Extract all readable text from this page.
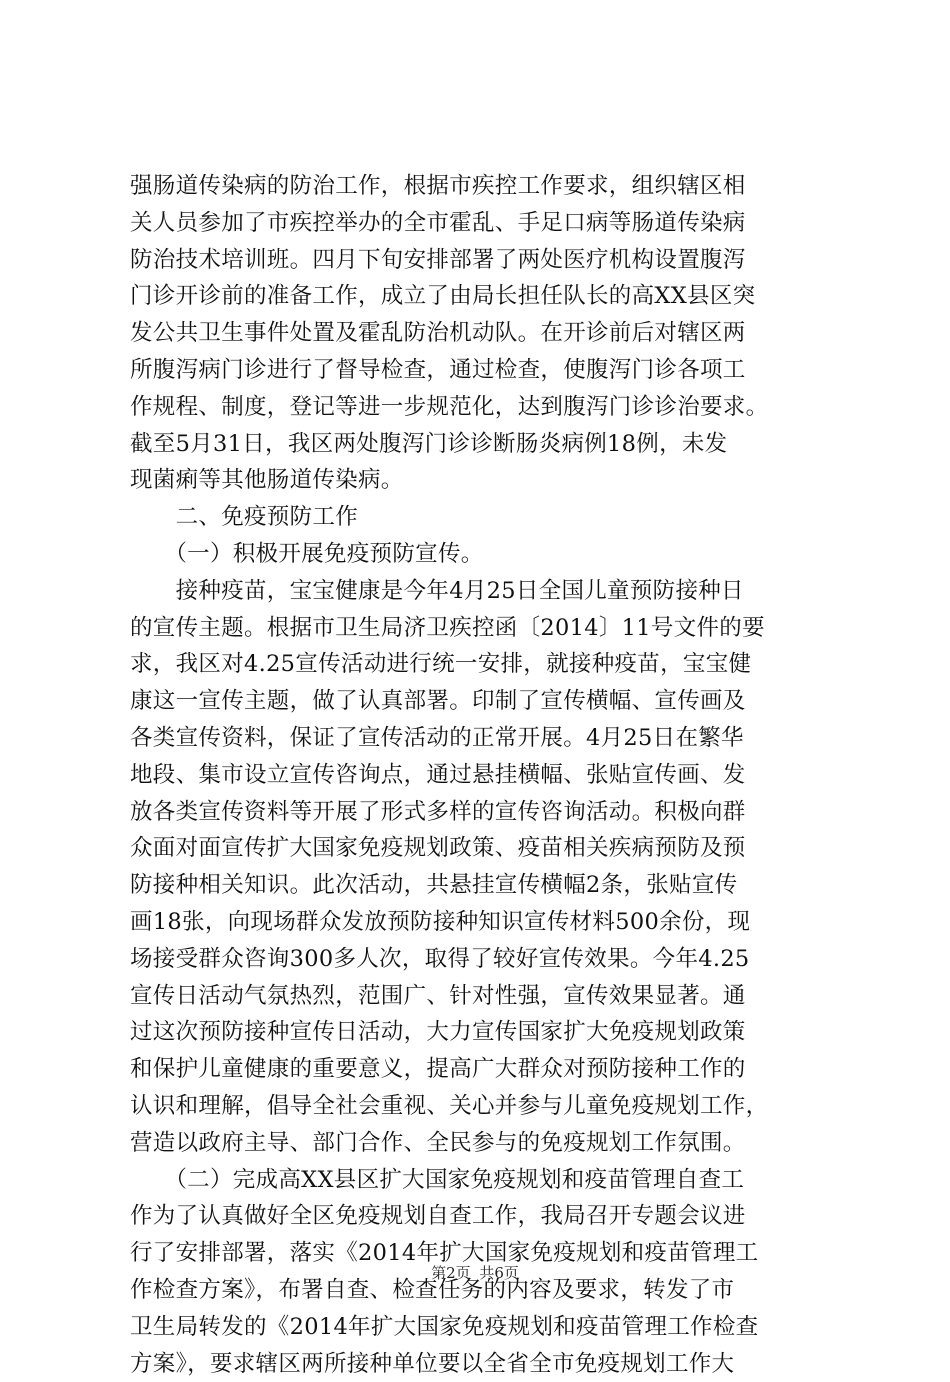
强肠道传染病的防治工作，根据市疾控工作要求，组织辖区相
关人员参加了市疾控举办的全市霍乱、手足口病等肠道传染病
防治技术培训班。四月下旬安排部署了两处医疗机构设置腹泻
门诊开诊前的准备工作，成立了由局长担任队长的高XX县区突
发公共卫生事件处置及霍乱防治机动队。在开诊前后对辖区两
所腹泻病门诊进行了督导检查，通过检查，使腹泻门诊各项工
作规程、制度，登记等进一步规范化，达到腹泻门诊诊治要求。
截至5月31日，我区两处腹泻门诊诊断肠炎病例18例，未发
现菌痢等其他肠道传染病。
　　二、免疫预防工作
　　（一）积极开展免疫预防宣传。
　　接种疫苗，宝宝健康是今年4月25日全国儿童预防接种日
的宣传主题。根据市卫生局济卫疾控函〔2014〕11号文件的要
求，我区对4.25宣传活动进行统一安排，就接种疫苗，宝宝健
康这一宣传主题，做了认真部署。印制了宣传横幅、宣传画及
各类宣传资料，保证了宣传活动的正常开展。4月25日在繁华
地段、集市设立宣传咨询点，通过悬挂横幅、张贴宣传画、发
放各类宣传资料等开展了形式多样的宣传咨询活动。积极向群
众面对面宣传扩大国家免疫规划政策、疫苗相关疾病预防及预
防接种相关知识。此次活动，共悬挂宣传横幅2条，张贴宣传
画18张，向现场群众发放预防接种知识宣传材料500余份，现
场接受群众咨询300多人次，取得了较好宣传效果。今年4.25
宣传日活动气氛热烈，范围广、针对性强，宣传效果显著。通
过这次预防接种宣传日活动，大力宣传国家扩大免疫规划政策
和保护儿童健康的重要意义，提高广大群众对预防接种工作的
认识和理解，倡导全社会重视、关心并参与儿童免疫规划工作，
营造以政府主导、部门合作、全民参与的免疫规划工作氛围。
　　（二）完成高XX县区扩大国家免疫规划和疫苗管理自查工
作为了认真做好全区免疫规划自查工作，我局召开专题会议进
行了安排部署，落实《2014年扩大国家免疫规划和疫苗管理工
作检查方案》，布署自查、检查任务的内容及要求，转发了市
卫生局转发的《2014年扩大国家免疫规划和疫苗管理工作检查
方案》，要求辖区两所接种单位要以全省全市免疫规划工作大
第2页 共6页
